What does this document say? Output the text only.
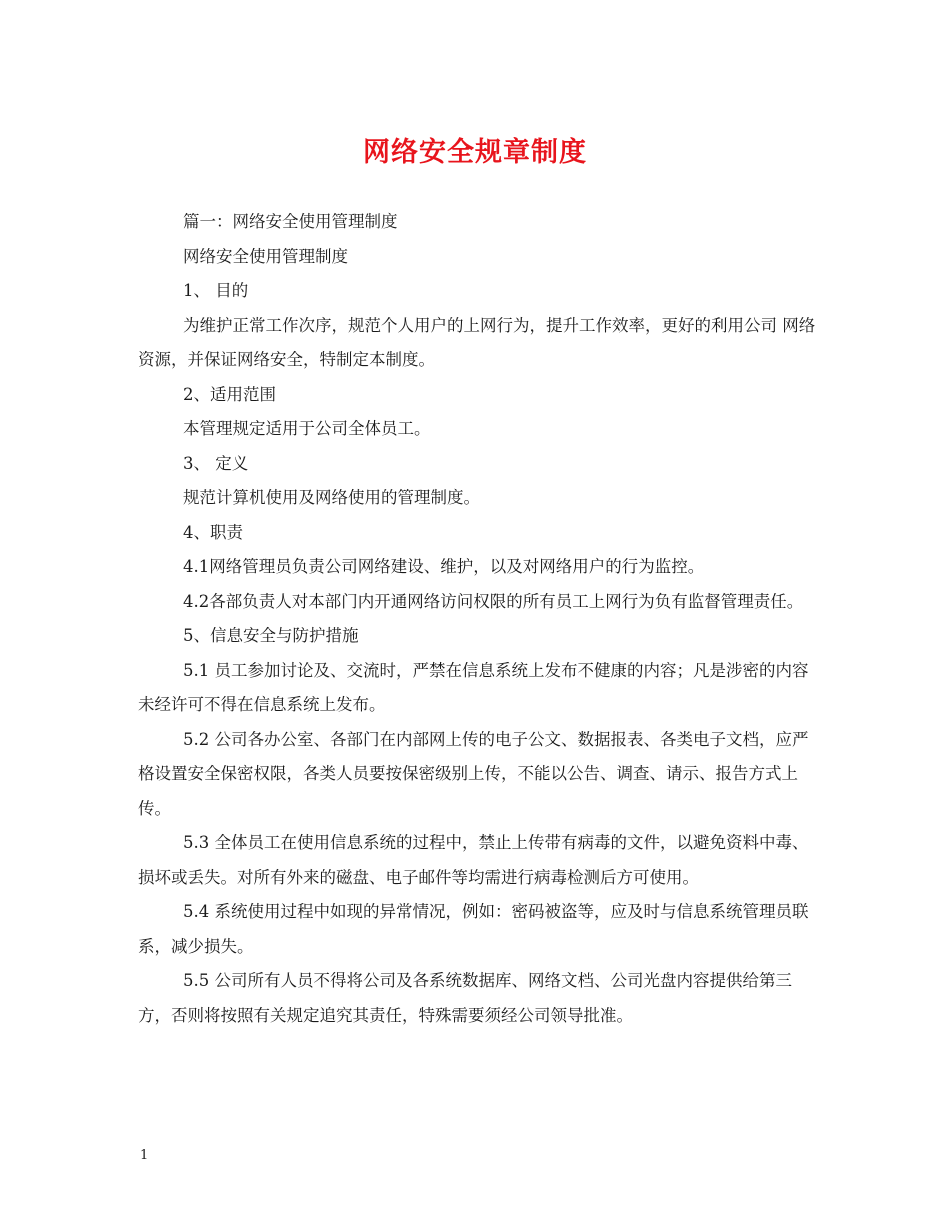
网络安全规章制度

篇一：网络安全使用管理制度

网络安全使用管理制度

1、 目的

为维护正常工作次序，规范个人用户的上网行为，提升工作效率，更好的利用公司 网络资源，并保证网络安全，特制定本制度。

2、适用范围

本管理规定适用于公司全体员工。

3、 定义

规范计算机使用及网络使用的管理制度。

4、职责

4.1网络管理员负责公司网络建设、维护，以及对网络用户的行为监控。

4.2各部负责人对本部门内开通网络访问权限的所有员工上网行为负有监督管理责任。

5、信息安全与防护措施

5.1 员工参加讨论及、交流时，严禁在信息系统上发布不健康的内容；凡是涉密的内容未经许可不得在信息系统上发布。

5.2 公司各办公室、各部门在内部网上传的电子公文、数据报表、各类电子文档，应严格设置安全保密权限，各类人员要按保密级别上传，不能以公告、调查、请示、报告方式上传。

5.3 全体员工在使用信息系统的过程中，禁止上传带有病毒的文件，以避免资料中毒、损坏或丢失。对所有外来的磁盘、电子邮件等均需进行病毒检测后方可使用。

5.4 系统使用过程中如现的异常情况，例如：密码被盗等，应及时与信息系统管理员联系，减少损失。

5.5 公司所有人员不得将公司及各系统数据库、网络文档、公司光盘内容提供给第三方，否则将按照有关规定追究其责任，特殊需要须经公司领导批准。

1
